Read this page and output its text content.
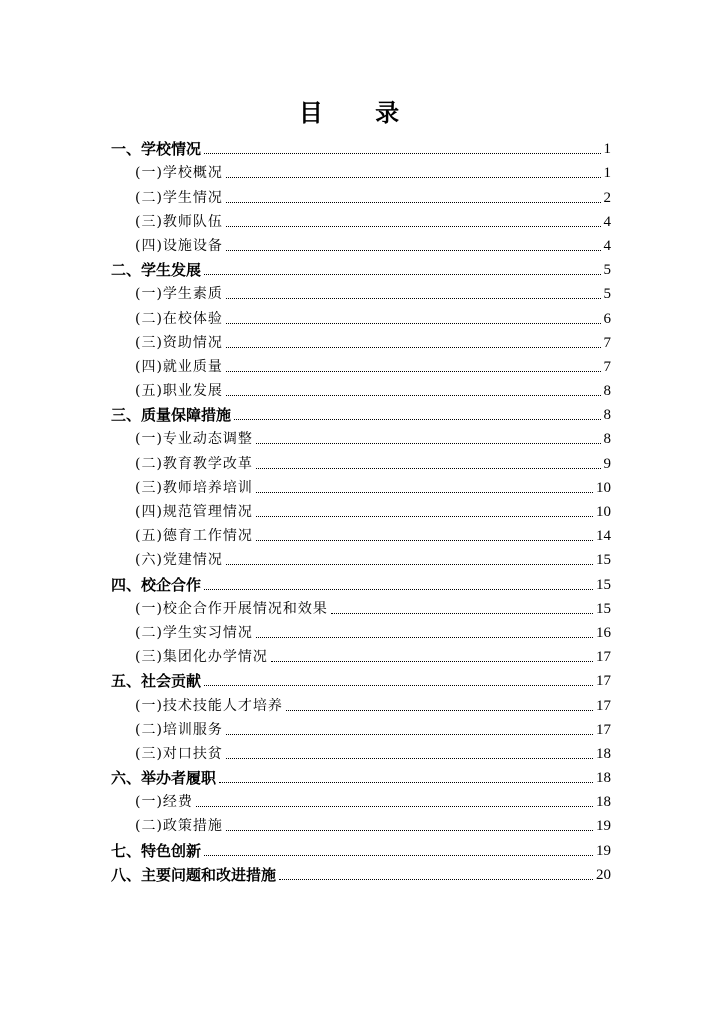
目 录
一、学校情况	1
(一)学校概况	1
(二)学生情况	2
(三)教师队伍	4
(四)设施设备	4
二、学生发展	5
(一)学生素质	5
(二)在校体验	6
(三)资助情况	7
(四)就业质量	7
(五)职业发展	8
三、质量保障措施	8
(一)专业动态调整	8
(二)教育教学改革	9
(三)教师培养培训	10
(四)规范管理情况	10
(五)德育工作情况	14
(六)党建情况	15
四、校企合作	15
(一)校企合作开展情况和效果	15
(二)学生实习情况	16
(三)集团化办学情况	17
五、社会贡献	17
(一)技术技能人才培养	17
(二)培训服务	17
(三)对口扶贫	18
六、举办者履职	18
(一)经费	18
(二)政策措施	19
七、特色创新	19
八、主要问题和改进措施	20
